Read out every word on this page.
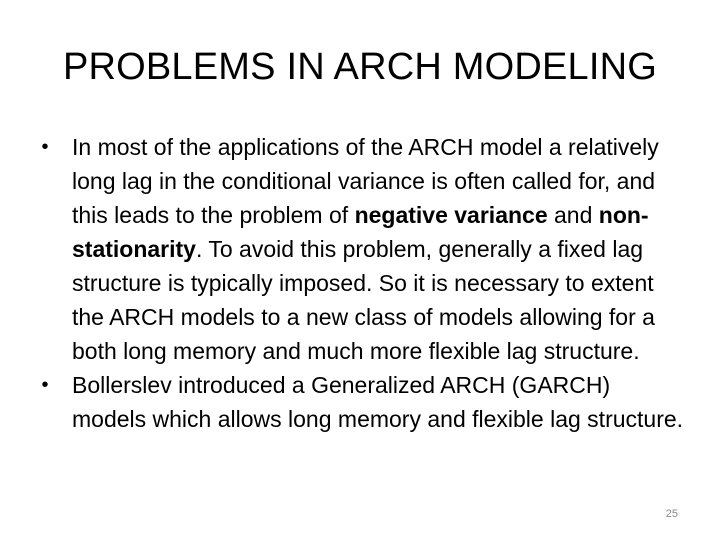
PROBLEMS IN ARCH MODELING
•	In most of the applications of the ARCH model a relatively long lag in the conditional variance is often called for, and this leads to the problem of negative variance and non-stationarity. To avoid this problem, generally a fixed lag structure is typically imposed. So it is necessary to extent the ARCH models to a new class of models allowing for a both long memory and much more flexible lag structure.
•	Bollerslev introduced a Generalized ARCH (GARCH) models which allows long memory and flexible lag structure.
25
